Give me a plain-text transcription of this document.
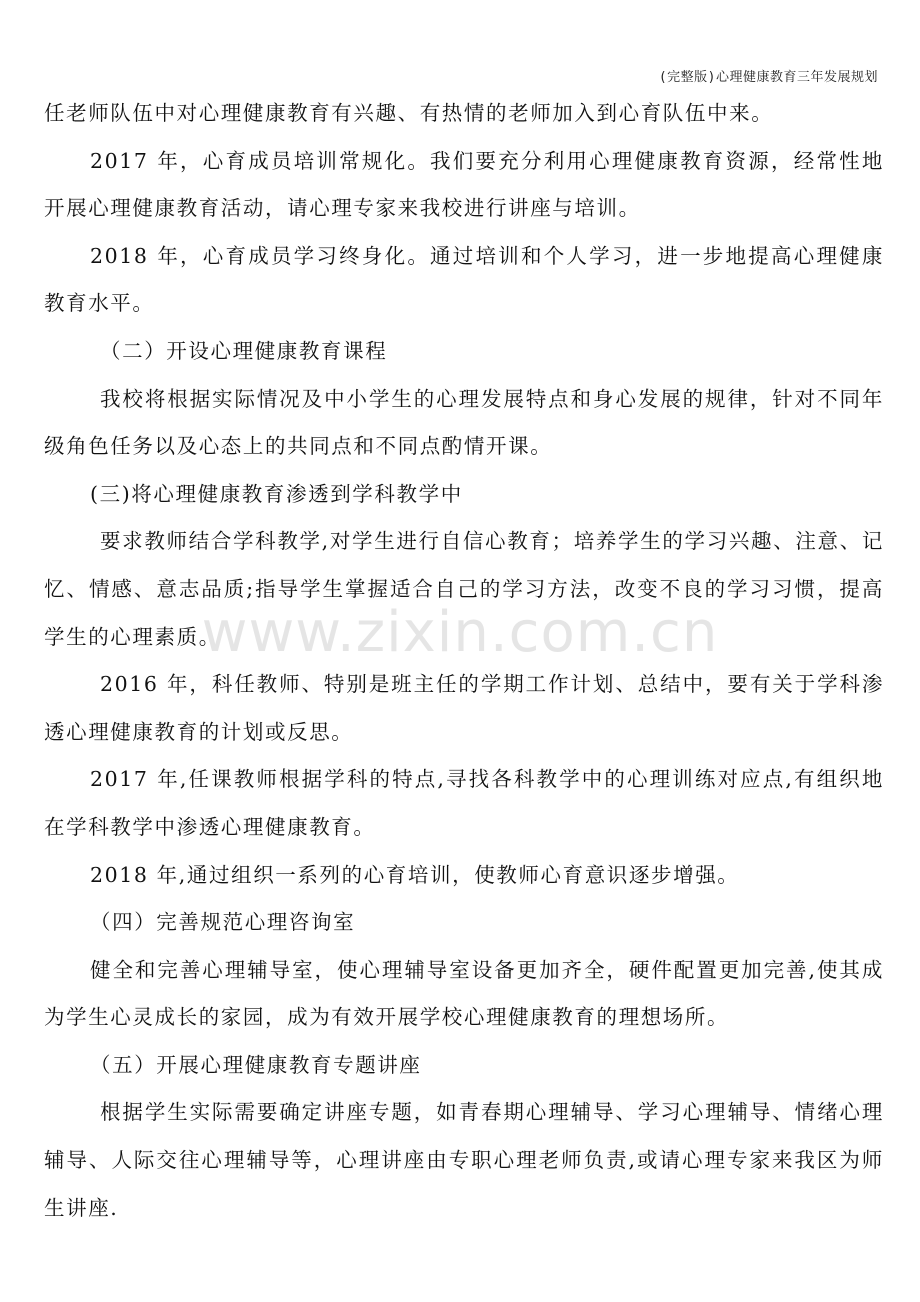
(完整版)心理健康教育三年发展规划

任老师队伍中对心理健康教育有兴趣、有热情的老师加入到心育队伍中来。

2017 年，心育成员培训常规化。我们要充分利用心理健康教育资源，经常性地开展心理健康教育活动，请心理专家来我校进行讲座与培训。

2018 年，心育成员学习终身化。通过培训和个人学习，进一步地提高心理健康教育水平。

（二）开设心理健康教育课程

我校将根据实际情况及中小学生的心理发展特点和身心发展的规律，针对不同年级角色任务以及心态上的共同点和不同点酌情开课。

(三)将心理健康教育渗透到学科教学中

要求教师结合学科教学,对学生进行自信心教育；培养学生的学习兴趣、注意、记忆、情感、意志品质;指导学生掌握适合自己的学习方法，改变不良的学习习惯，提高学生的心理素质。

2016 年，科任教师、特别是班主任的学期工作计划、总结中，要有关于学科渗透心理健康教育的计划或反思。

2017 年,任课教师根据学科的特点,寻找各科教学中的心理训练对应点,有组织地在学科教学中渗透心理健康教育。

2018 年,通过组织一系列的心育培训，使教师心育意识逐步增强。

（四）完善规范心理咨询室

健全和完善心理辅导室，使心理辅导室设备更加齐全，硬件配置更加完善,使其成为学生心灵成长的家园，成为有效开展学校心理健康教育的理想场所。

（五）开展心理健康教育专题讲座

根据学生实际需要确定讲座专题，如青春期心理辅导、学习心理辅导、情绪心理辅导、人际交往心理辅导等，心理讲座由专职心理老师负责,或请心理专家来我区为师生讲座.

www.zixin.com.cn
